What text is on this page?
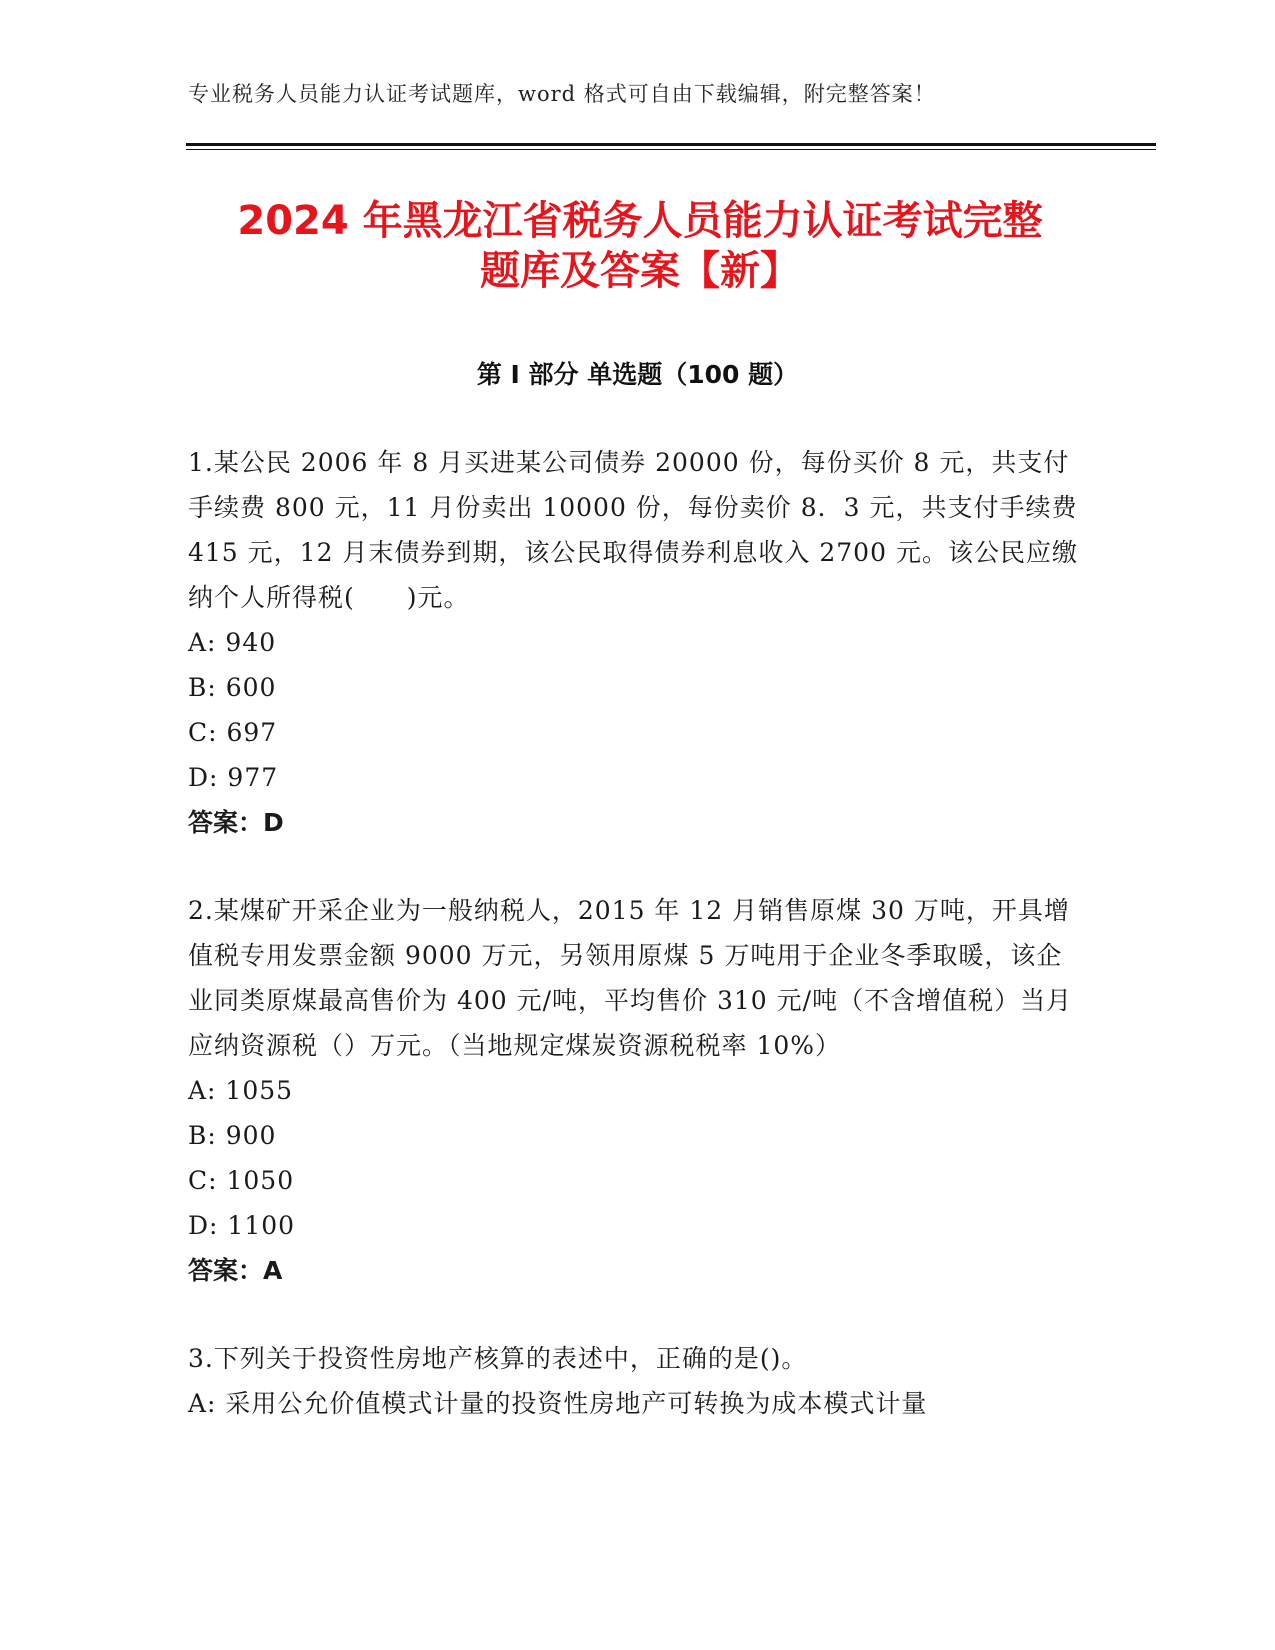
专业税务人员能力认证考试题库，word 格式可自由下载编辑，附完整答案！
2024 年黑龙江省税务人员能力认证考试完整
题库及答案【新】
第 I 部分 单选题（100 题）

1.某公民 2006 年 8 月买进某公司债券 20000 份，每份买价 8 元，共支付手续费 800 元，11 月份卖出 10000 份，每份卖价 8．3 元，共支付手续费 415 元，12 月末债券到期，该公民取得债券利息收入 2700 元。该公民应缴纳个人所得税(　　)元。

A: 940

B: 600

C: 697

D: 977

答案：D

2.某煤矿开采企业为一般纳税人，2015 年 12 月销售原煤 30 万吨，开具增值税专用发票金额 9000 万元，另领用原煤 5 万吨用于企业冬季取暖，该企业同类原煤最高售价为 400 元/吨，平均售价 310 元/吨（不含增值税）当月应纳资源税（）万元。（当地规定煤炭资源税税率 10%）

A: 1055

B: 900

C: 1050

D: 1100

答案：A

3.下列关于投资性房地产核算的表述中，正确的是()。

A: 采用公允价值模式计量的投资性房地产可转换为成本模式计量
